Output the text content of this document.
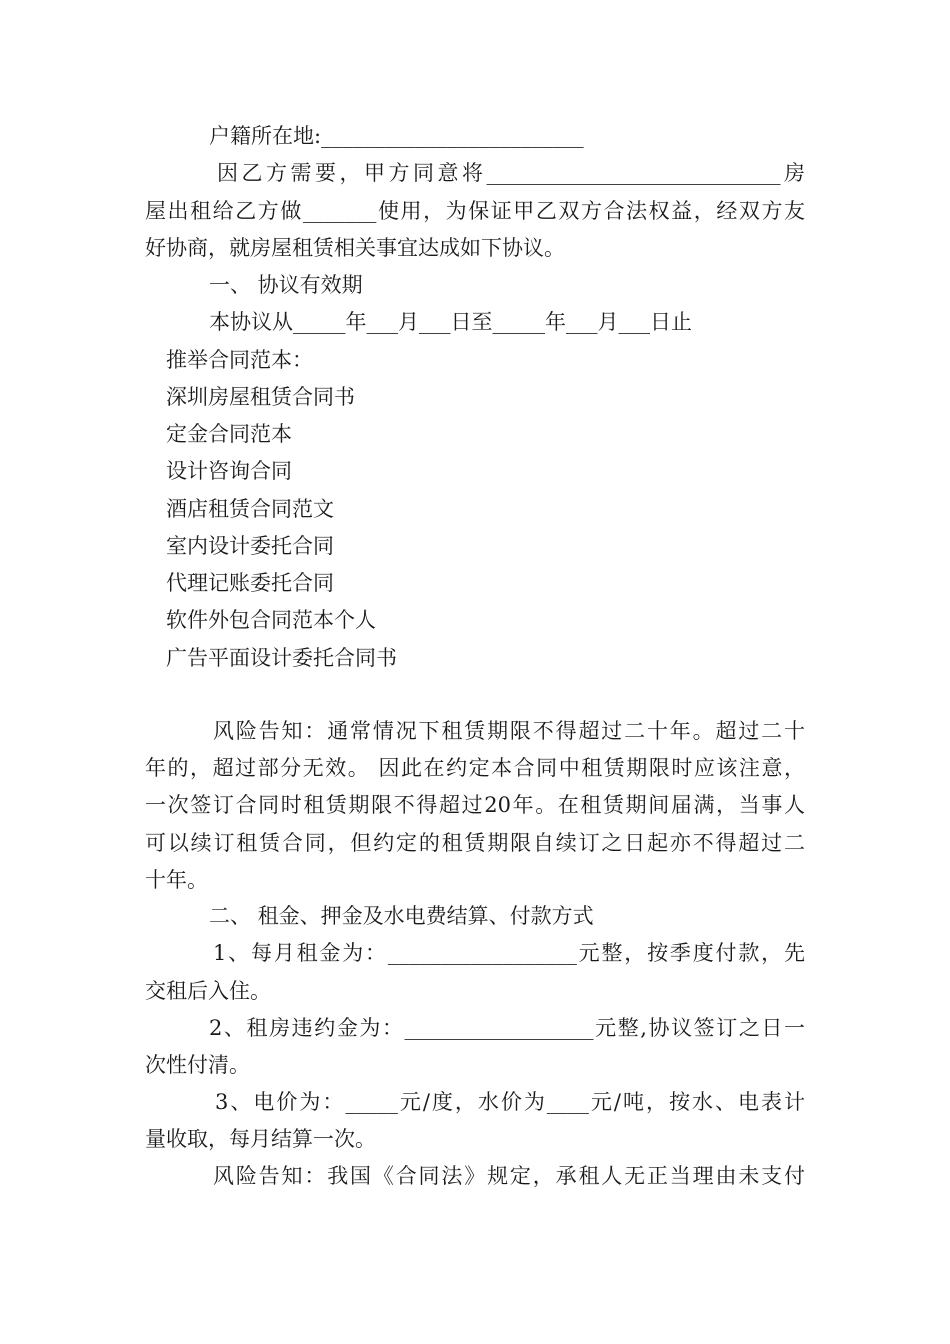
户籍所在地:_________________________

因乙方需要，甲方同意将____________________________房

屋出租给乙方做_______使用，为保证甲乙双方合法权益，经双方友

好协商，就房屋租赁相关事宜达成如下协议。

一、 协议有效期

本协议从_____年___月___日至_____年___月___日止

推举合同范本：

深圳房屋租赁合同书

定金合同范本

设计咨询合同

酒店租赁合同范文

室内设计委托合同

代理记账委托合同

软件外包合同范本个人

广告平面设计委托合同书

风险告知：通常情况下租赁期限不得超过二十年。超过二十

年的，超过部分无效。 因此在约定本合同中租赁期限时应该注意，

一次签订合同时租赁期限不得超过20年。在租赁期间届满，当事人

可以续订租赁合同，但约定的租赁期限自续订之日起亦不得超过二

十年。

二、 租金、押金及水电费结算、付款方式

1、每月租金为：__________________元整，按季度付款，先

交租后入住。

2、租房违约金为：__________________元整,协议签订之日一

次性付清。

3、电价为：_____元/度，水价为____元/吨，按水、电表计

量收取，每月结算一次。

风险告知：我国《合同法》规定，承租人无正当理由未支付
